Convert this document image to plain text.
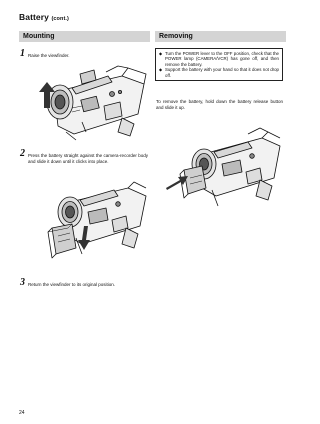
Battery (cont.)
Mounting	Removing
1 Raise the viewfinder.
2 Press the battery straight against the camera-recorder body and slide it down until it clicks into place.
3 Return the viewfinder to its original position.
◆ Turn the POWER lever to the OFF position, check that the POWER lamp (CAMERA/VCR) has gone off, and then remove the battery.
◆ Support the battery with your hand so that it does not drop off.
To remove the battery, hold down the battery release button and slide it up.
24
